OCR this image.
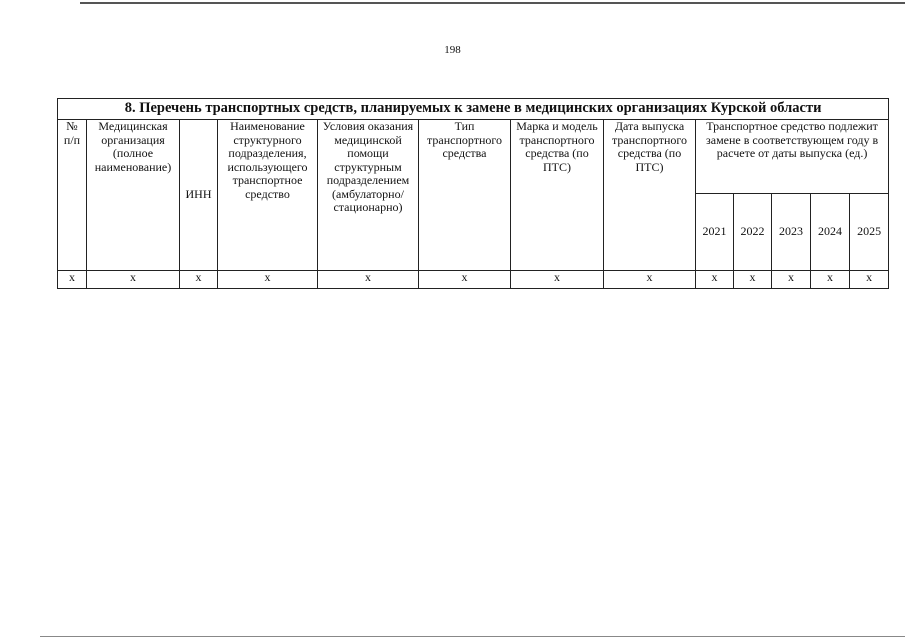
198
8. Перечень транспортных средств, планируемых к замене в медицинских организациях Курской области												
№ п/п	Медицинская организация (полное наименование)	ИНН	Наименование структурного подразделения, использующего транспортное средство	Условия оказания медицинской помощи структурным подразделением (амбулаторно/ стационарно)	Тип транспортного средства	Марка и модель транспортного средства (по ПТС)	Дата выпуска транспортного средства (по ПТС)	Транспортное средство подлежит замене в соответствующем году в расчете от даты выпуска (ед.)				
								2021	2022	2023	2024	2025
х	х	х	х	х	х	х	х	х	х	х	х	х
